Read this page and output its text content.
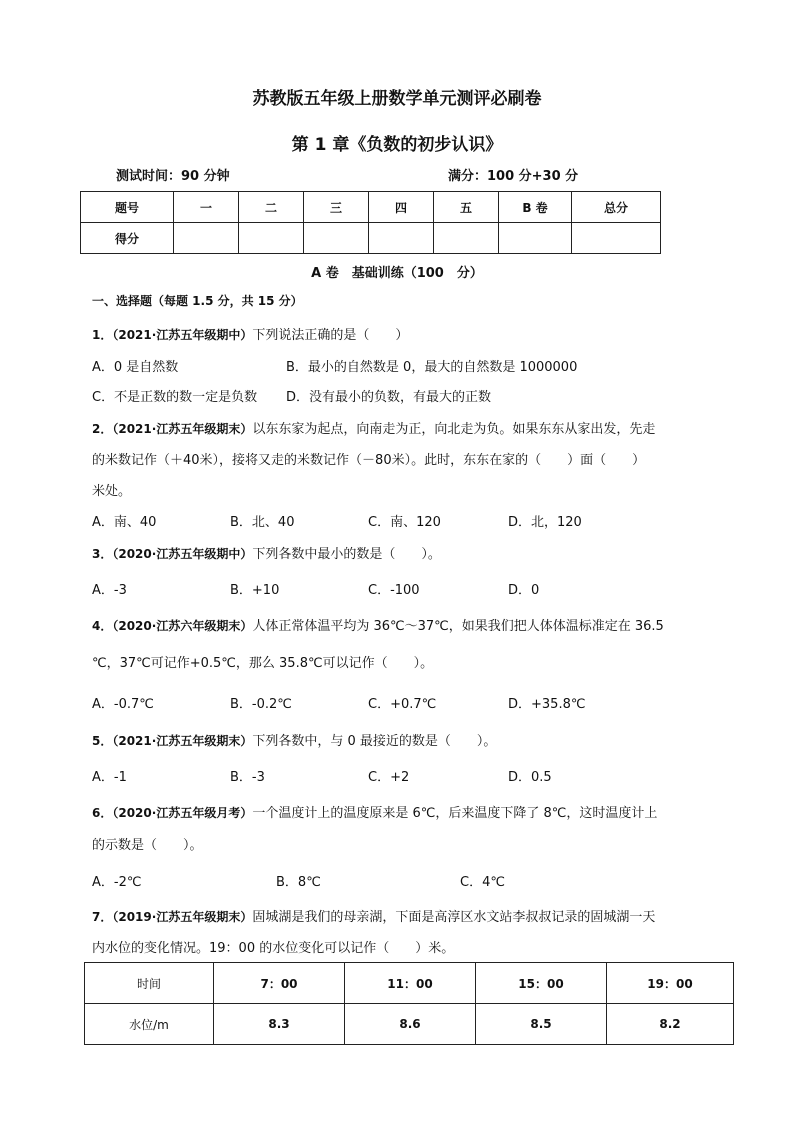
苏教版五年级上册数学单元测评必刷卷
第 1 章《负数的初步认识》
测试时间：90 分钟	满分：100 分+30 分
题号	一	二	三	四	五	B 卷	总分
得分							
A 卷　基础训练（100　分）
一、选择题（每题 1.5 分，共 15 分）
1．（2021·江苏五年级期中）下列说法正确的是（　　）
A．0 是自然数	B．最小的自然数是 0，最大的自然数是 1000000
C．不是正数的数一定是负数 D．没有最小的负数，有最大的正数
2．（2021·江苏五年级期末）以东东家为起点，向南走为正，向北走为负。如果东东从家出发，先走
的米数记作（＋40米），接将又走的米数记作（－80米）。此时，东东在家的（　　）面（　　）
米处。
A．南、40	B．北、40	C．南、120	D．北，120
3．（2020·江苏五年级期中）下列各数中最小的数是（　　）。
A．-3	B．+10	C．-100	D．0
4．（2020·江苏六年级期末）人体正常体温平均为 36℃～37℃，如果我们把人体体温标准定在 36.5
℃，37℃可记作+0.5℃，那么 35.8℃可以记作（　　）。
A．-0.7℃	B．-0.2℃	C．+0.7℃	D．+35.8℃
5．（2021·江苏五年级期末）下列各数中，与 0 最接近的数是（　　）。
A．-1	B．-3	C．+2	D．0.5
6．（2020·江苏五年级月考）一个温度计上的温度原来是 6℃，后来温度下降了 8℃，这时温度计上
的示数是（　　）。
A．-2℃	B．8℃	C．4℃
7．（2019·江苏五年级期末）固城湖是我们的母亲湖，下面是高淳区水文站李叔叔记录的固城湖一天
内水位的变化情况。19：00 的水位变化可以记作（　　）米。
时间	7：00	11：00	15：00	19：00
水位/m	8.3	8.6	8.5	8.2
